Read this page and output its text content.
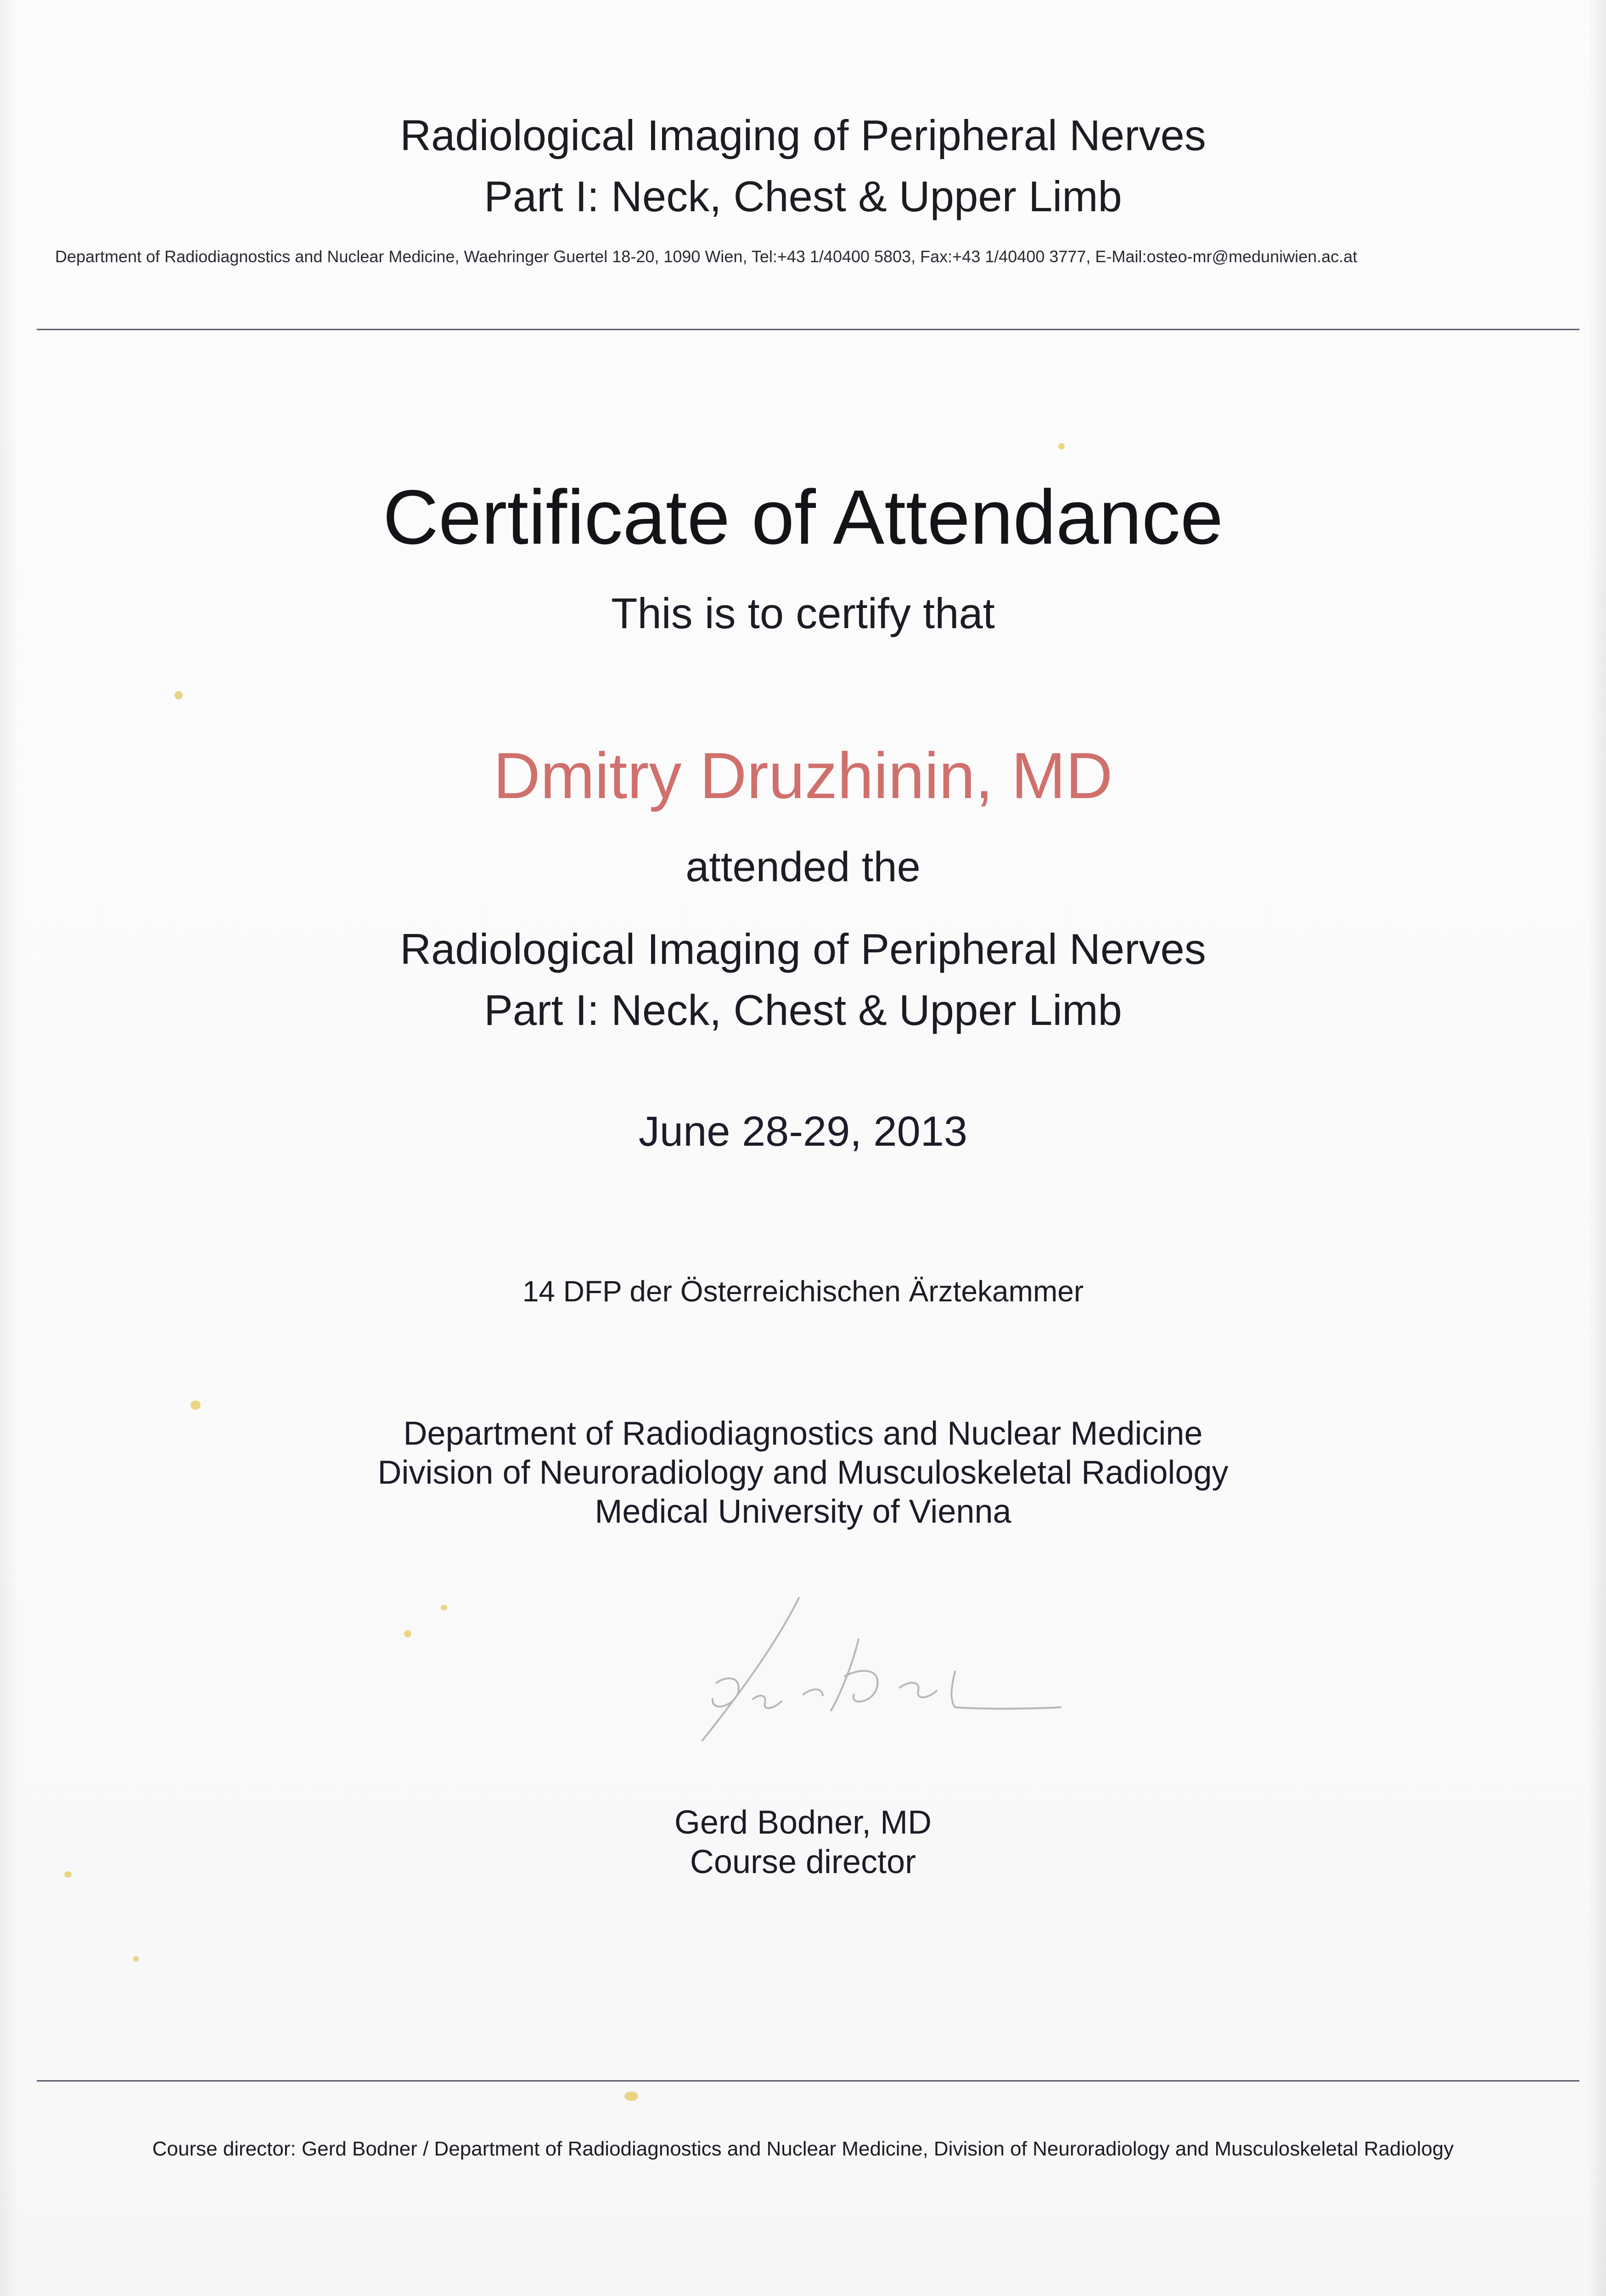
Radiological Imaging of Peripheral Nerves
Part I: Neck, Chest & Upper Limb
Department of Radiodiagnostics and Nuclear Medicine, Waehringer Guertel 18-20, 1090 Wien, Tel:+43 1/40400 5803, Fax:+43 1/40400 3777, E-Mail:osteo-mr@meduniwien.ac.at
Certificate of Attendance
This is to certify that
Dmitry Druzhinin, MD
attended the
Radiological Imaging of Peripheral Nerves
Part I: Neck, Chest & Upper Limb
June 28-29, 2013
14 DFP der Österreichischen Ärztekammer
Department of Radiodiagnostics and Nuclear Medicine
Division of Neuroradiology and Musculoskeletal Radiology
Medical University of Vienna
Gerd Bodner, MD
Course director
Course director: Gerd Bodner / Department of Radiodiagnostics and Nuclear Medicine, Division of Neuroradiology and Musculoskeletal Radiology
